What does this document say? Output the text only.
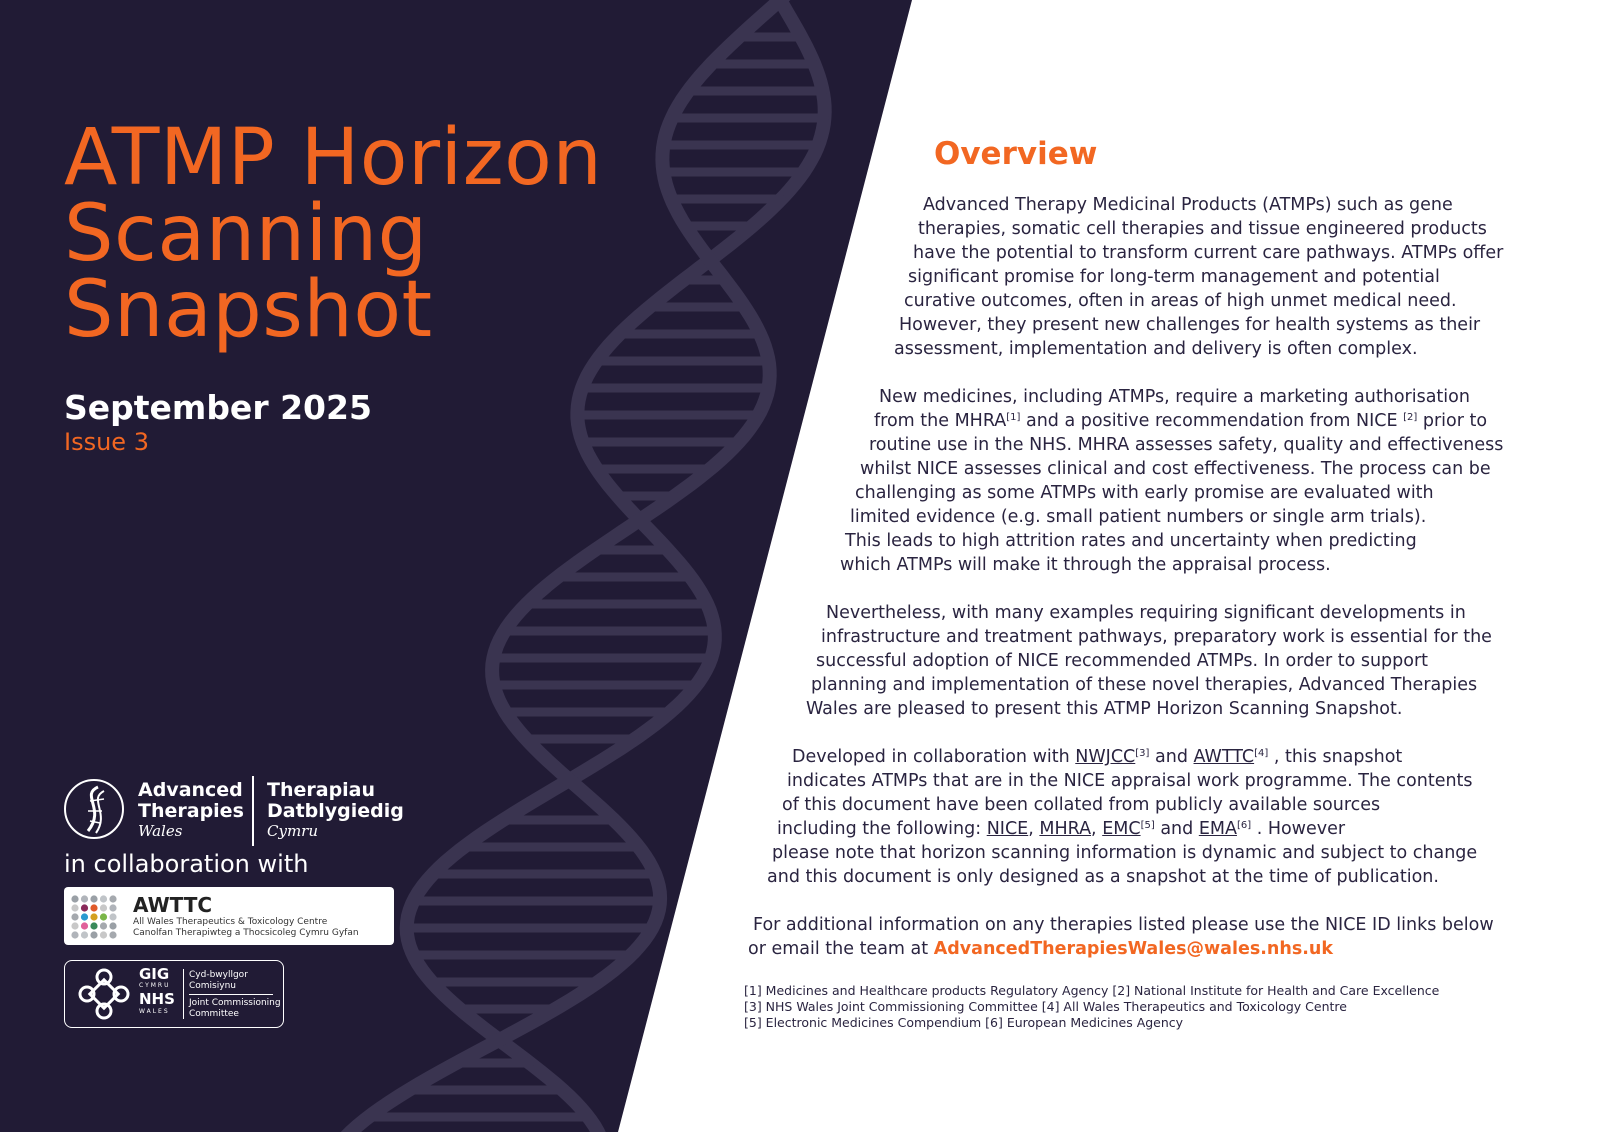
ATMP Horizon
Scanning
Snapshot
September 2025
Issue 3
Advanced
Therapies
Wales
Therapiau
Datblygiedig
Cymru
in collaboration with
AWTTC
All Wales Therapeutics & Toxicology Centre
Canolfan Therapiwteg a Thocsicoleg Cymru Gyfan
GIG
CYMRU
NHS
WALES
Cyd-bwyllgor
Comisiynu
Joint Commissioning
Committee
Overview
Advanced Therapy Medicinal Products (ATMPs) such as gene
therapies, somatic cell therapies and tissue engineered products
have the potential to transform current care pathways. ATMPs offer
significant promise for long-term management and potential
curative outcomes, often in areas of high unmet medical need.
However, they present new challenges for health systems as their
assessment, implementation and delivery is often complex.
New medicines, including ATMPs, require a marketing authorisation
from the MHRA[1] and a positive recommendation from NICE [2] prior to
routine use in the NHS. MHRA assesses safety, quality and effectiveness
whilst NICE assesses clinical and cost effectiveness. The process can be
challenging as some ATMPs with early promise are evaluated with
limited evidence (e.g. small patient numbers or single arm trials).
This leads to high attrition rates and uncertainty when predicting
which ATMPs will make it through the appraisal process.
Nevertheless, with many examples requiring significant developments in
infrastructure and treatment pathways, preparatory work is essential for the
successful adoption of NICE recommended ATMPs. In order to support
planning and implementation of these novel therapies, Advanced Therapies
Wales are pleased to present this ATMP Horizon Scanning Snapshot.
Developed in collaboration with NWJCC[3] and AWTTC[4] , this snapshot
indicates ATMPs that are in the NICE appraisal work programme. The contents
of this document have been collated from publicly available sources
including the following: NICE, MHRA, EMC[5] and EMA[6] . However
please note that horizon scanning information is dynamic and subject to change
and this document is only designed as a snapshot at the time of publication.
For additional information on any therapies listed please use the NICE ID links below
or email the team at AdvancedTherapiesWales@wales.nhs.uk
[1] Medicines and Healthcare products Regulatory Agency [2] National Institute for Health and Care Excellence
[3] NHS Wales Joint Commissioning Committee [4] All Wales Therapeutics and Toxicology Centre
[5] Electronic Medicines Compendium [6] European Medicines Agency
